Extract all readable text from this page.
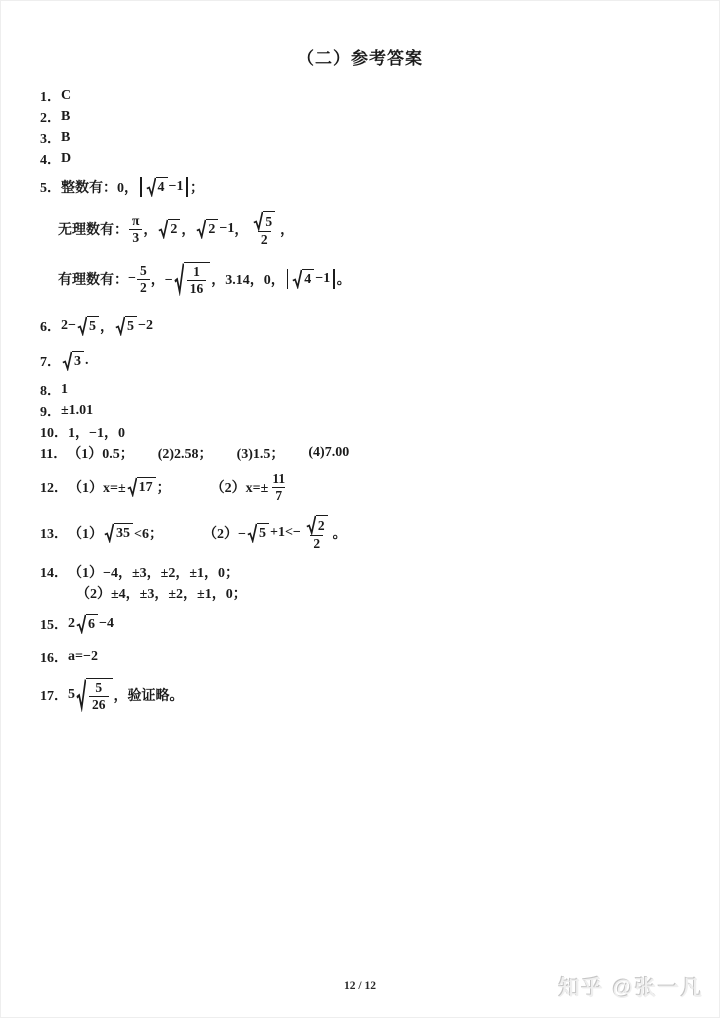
（二）参考答案
1． C
2． B
3． B
4． D
5． 整数有：0， 4 −1 ；
无理数有： $\frac{\pi}{3}$ ， 2 ， 2 −1 ， $\frac{5}{2}$ ，
有理数有： − $\frac{5}{2}$ ，− $\frac{1}{16}$ ，3.14，0， 4 −1 。
6． 2− 5 ， 5 −2
7． 3 .
8． 1
9． ±1.01
10． 1，−1，0
11． （1）0.5； (2)2.58； (3)1.5； (4)7.00
12． （1）x=± 17 ；	$(2)x=\pm \frac{11}{7}$
13． （1） 35 <6；	$(2)- 5 +1<- \frac{2}{2}$ 。
14． （1）−4，±3，±2，±1，0；
（2）±4，±3，±2，±1，0；
15． 2 6 −4
16． a=−2
17． $5 \frac{5}{26}$ ，验证略。
12 / 12	知乎 @张一凡
